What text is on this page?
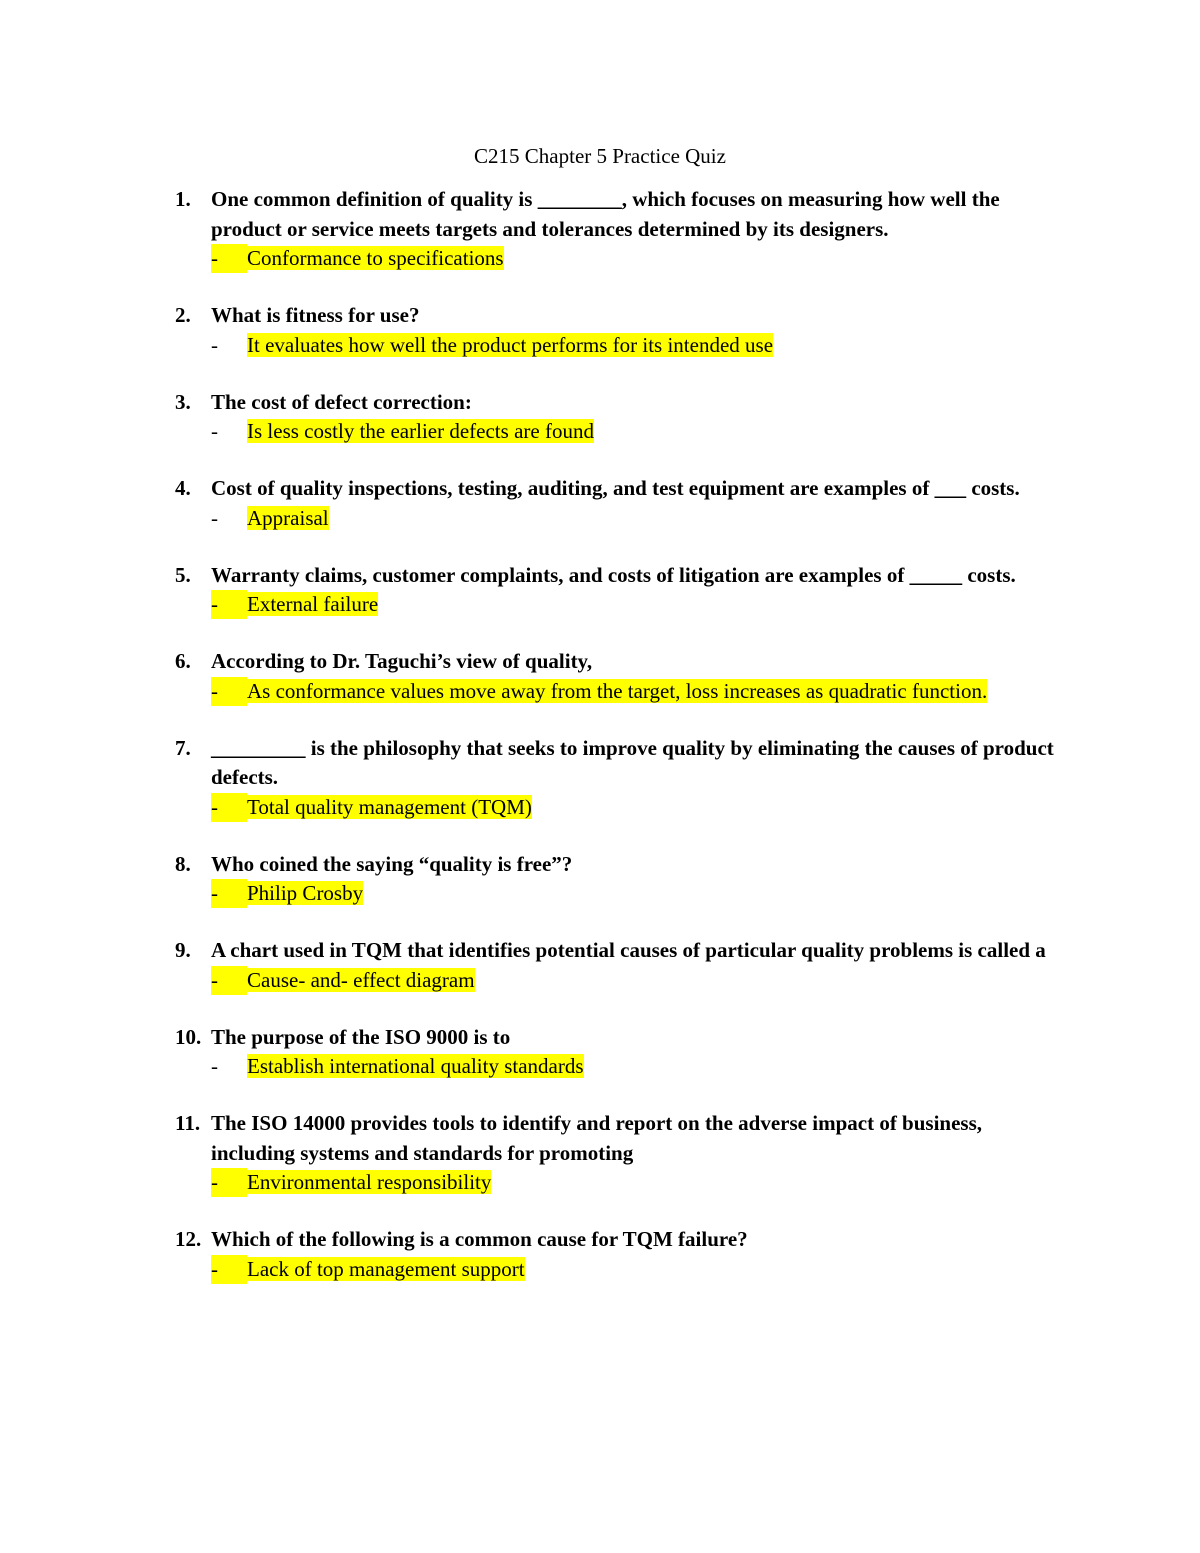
C215 Chapter 5 Practice Quiz
1. One common definition of quality is ________, which focuses on measuring how well the product or service meets targets and tolerances determined by its designers.
-	Conformance to specifications
2. What is fitness for use?
-	It evaluates how well the product performs for its intended use
3. The cost of defect correction:
-	Is less costly the earlier defects are found
4. Cost of quality inspections, testing, auditing, and test equipment are examples of ___ costs.
-	Appraisal
5. Warranty claims, customer complaints, and costs of litigation are examples of _____ costs.
-	External failure
6. According to Dr. Taguchi’s view of quality,
-	As conformance values move away from the target, loss increases as quadratic function.
7. _________ is the philosophy that seeks to improve quality by eliminating the causes of product defects.
-	Total quality management (TQM)
8. Who coined the saying “quality is free”?
-	Philip Crosby
9. A chart used in TQM that identifies potential causes of particular quality problems is called a
-	Cause- and- effect diagram
10. The purpose of the ISO 9000 is to
-	Establish international quality standards
11. The ISO 14000 provides tools to identify and report on the adverse impact of business, including systems and standards for promoting
-	Environmental responsibility
12. Which of the following is a common cause for TQM failure?
-	Lack of top management support
